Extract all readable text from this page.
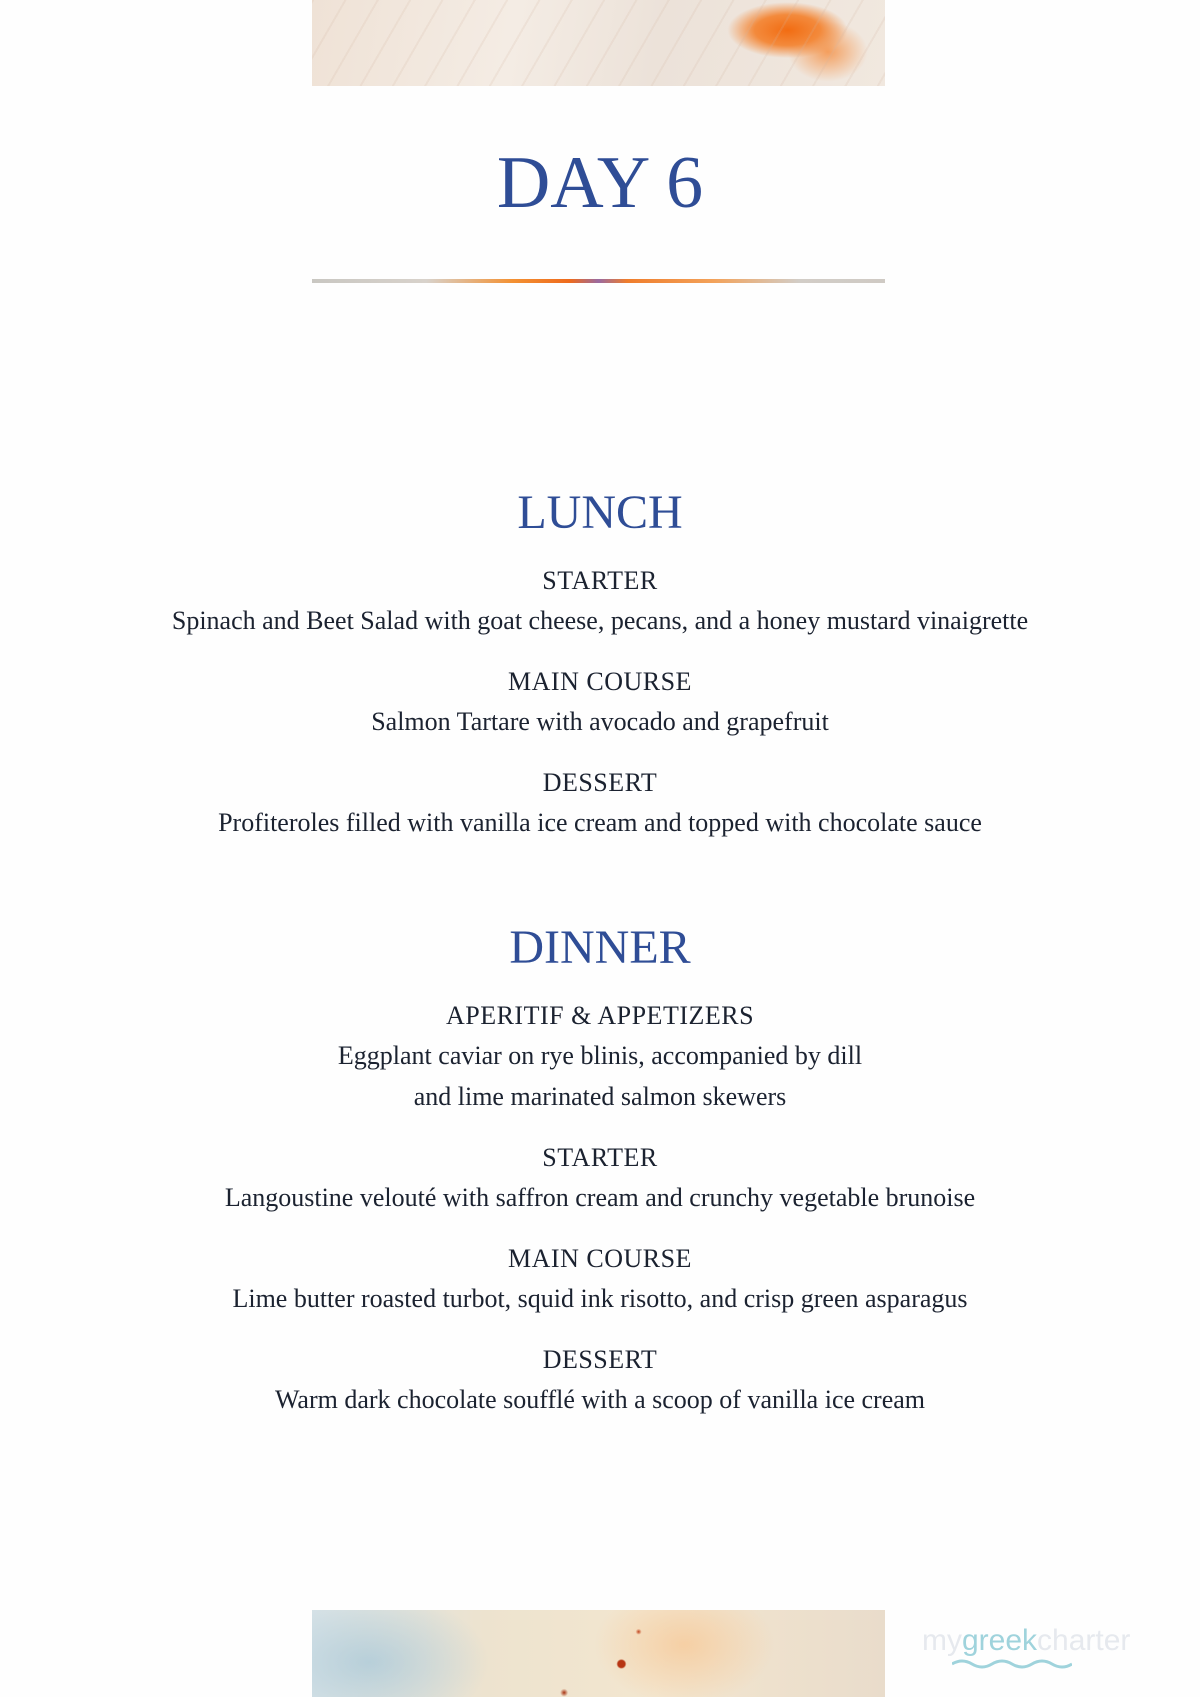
DAY 6
LUNCH

STARTER

Spinach and Beet Salad with goat cheese, pecans, and a honey mustard vinaigrette

MAIN COURSE

Salmon Tartare with avocado and grapefruit

DESSERT

Profiteroles filled with vanilla ice cream and topped with chocolate sauce

DINNER

APERITIF & APPETIZERS

Eggplant caviar on rye blinis, accompanied by dill

and lime marinated salmon skewers

STARTER

Langoustine velouté with saffron cream and crunchy vegetable brunoise

MAIN COURSE

Lime butter roasted turbot, squid ink risotto, and crisp green asparagus

DESSERT

Warm dark chocolate soufflé with a scoop of vanilla ice cream

mygreekcharter
